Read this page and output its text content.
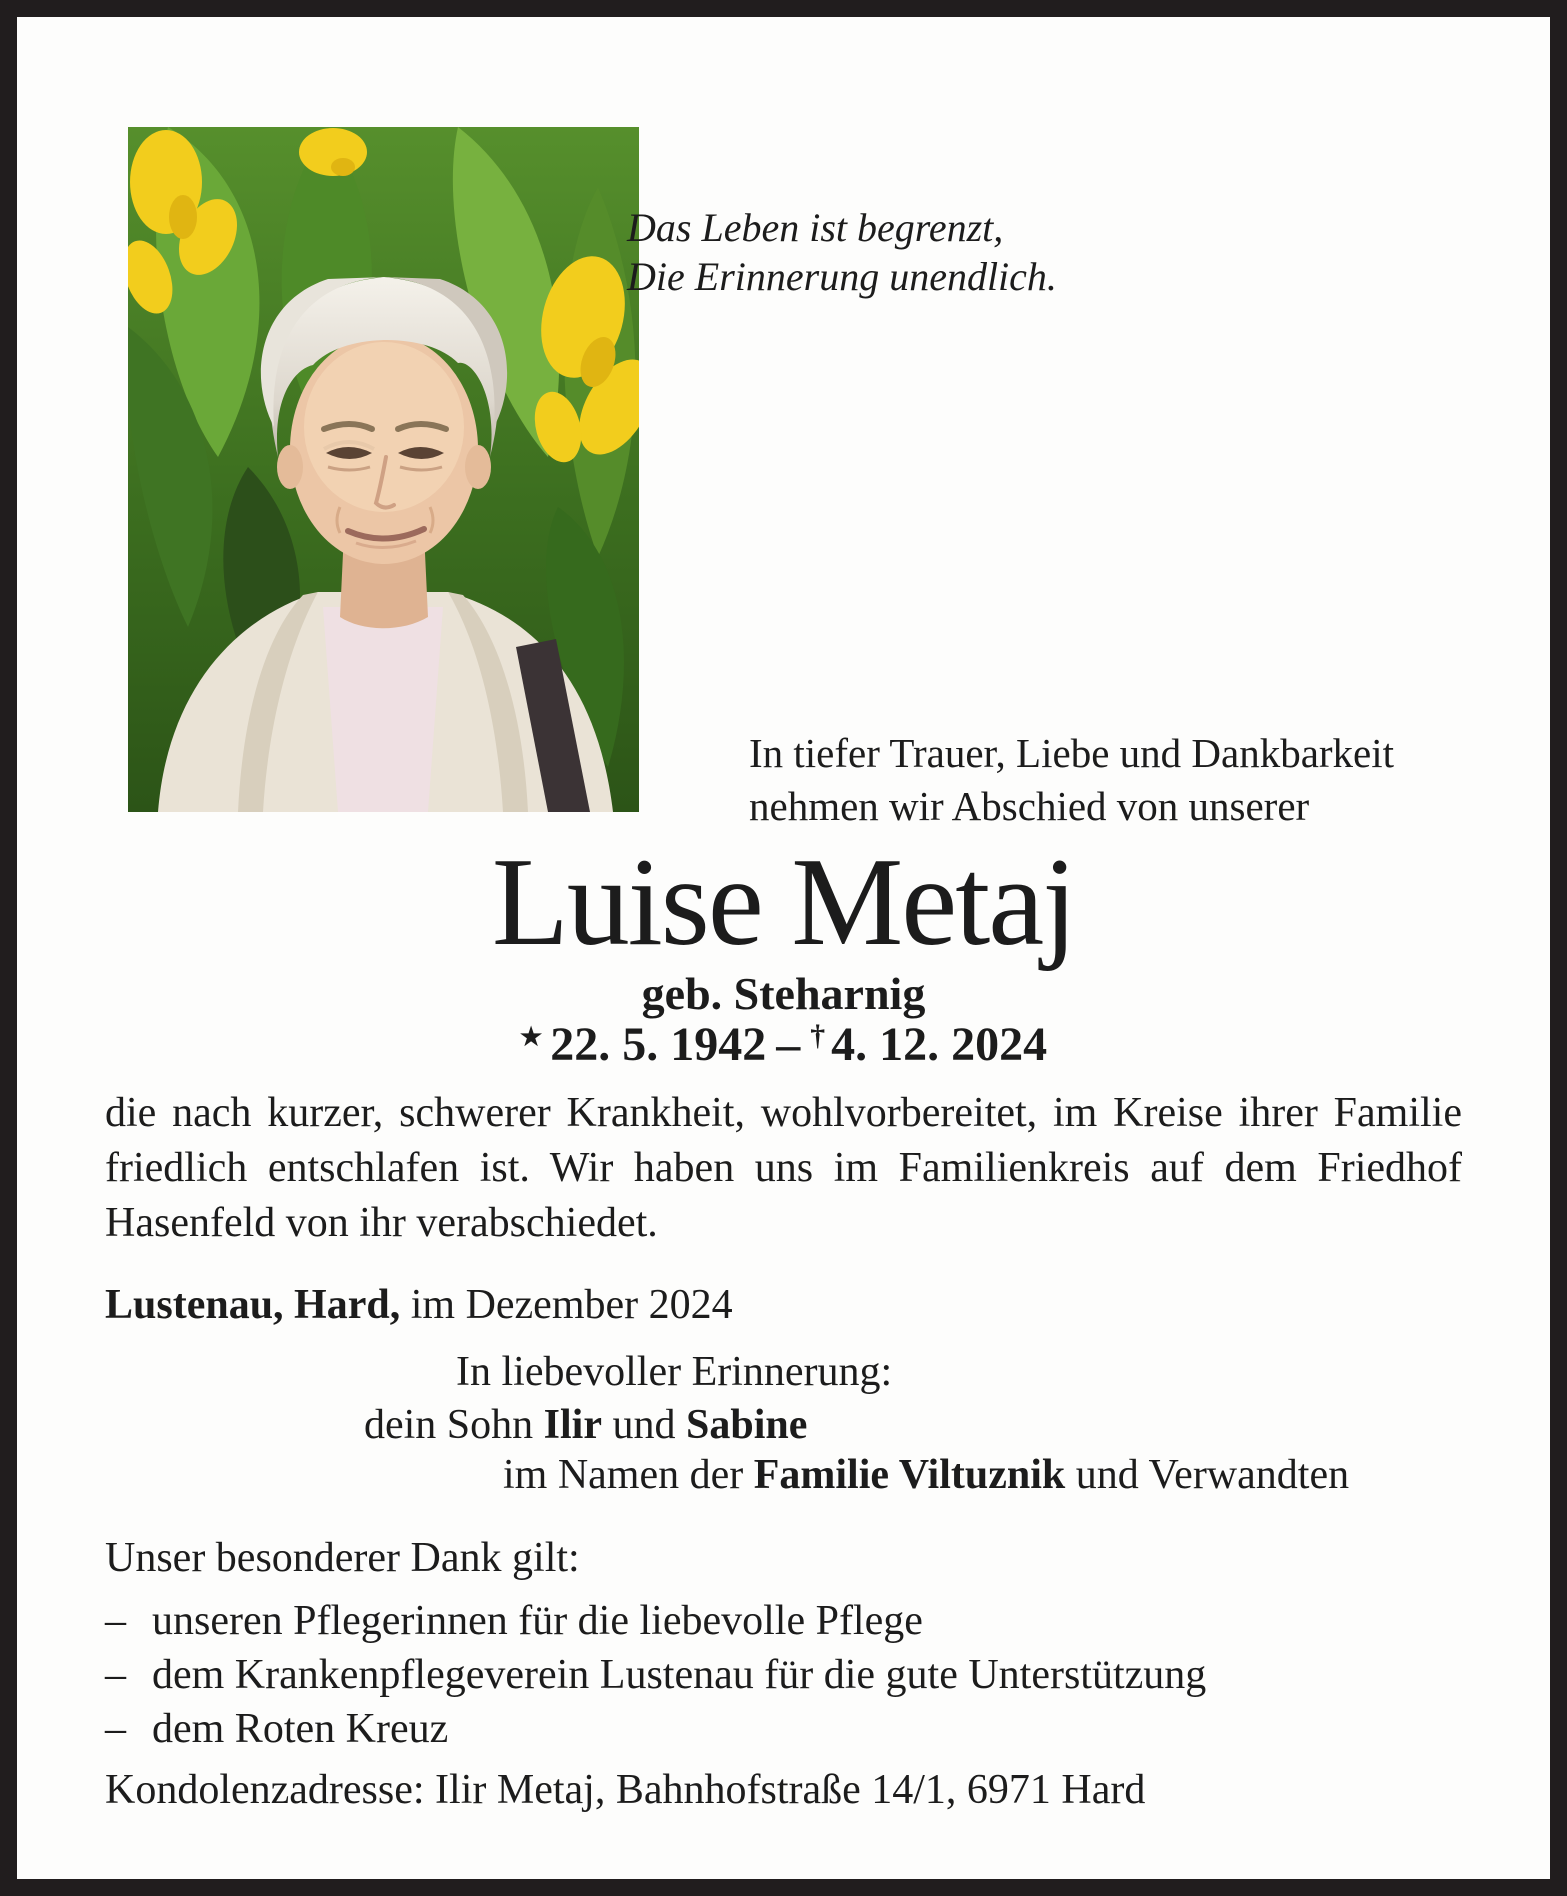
Das Leben ist begrenzt,
Die Erinnerung unendlich.
In tiefer Trauer, Liebe und Dankbarkeit
nehmen wir Abschied von unserer
Luise Metaj
geb. Steharnig
★ 22. 5. 1942 – † 4. 12. 2024
die nach kurzer, schwerer Krankheit, wohlvorbereitet, im Kreise ihrer Familie
friedlich entschlafen ist. Wir haben uns im Familienkreis auf dem Friedhof
Hasenfeld von ihr verabschiedet.
Lustenau, Hard, im Dezember 2024
In liebevoller Erinnerung:
dein Sohn Ilir und Sabine
im Namen der Familie Viltuznik und Verwandten
Unser besonderer Dank gilt:
– unseren Pflegerinnen für die liebevolle Pflege
– dem Krankenpflegeverein Lustenau für die gute Unterstützung
– dem Roten Kreuz
Kondolenzadresse: Ilir Metaj, Bahnhofstraße 14/1, 6971 Hard
